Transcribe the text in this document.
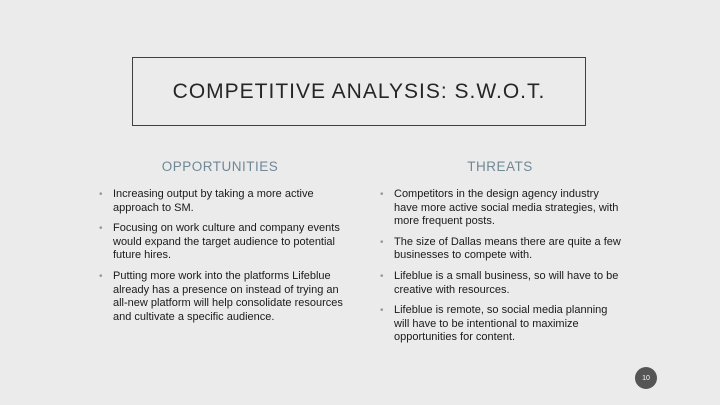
COMPETITIVE ANALYSIS: S.W.O.T.
OPPORTUNITIES	THREATS
• Increasing output by taking a more active approach to SM.
• Focusing on work culture and company events would expand the target audience to potential future hires.
• Putting more work into the platforms Lifeblue already has a presence on instead of trying an all-new platform will help consolidate resources and cultivate a specific audience.
• Competitors in the design agency industry have more active social media strategies, with more frequent posts.
• The size of Dallas means there are quite a few businesses to compete with.
• Lifeblue is a small business, so will have to be creative with resources.
• Lifeblue is remote, so social media planning will have to be intentional to maximize opportunities for content.
10
